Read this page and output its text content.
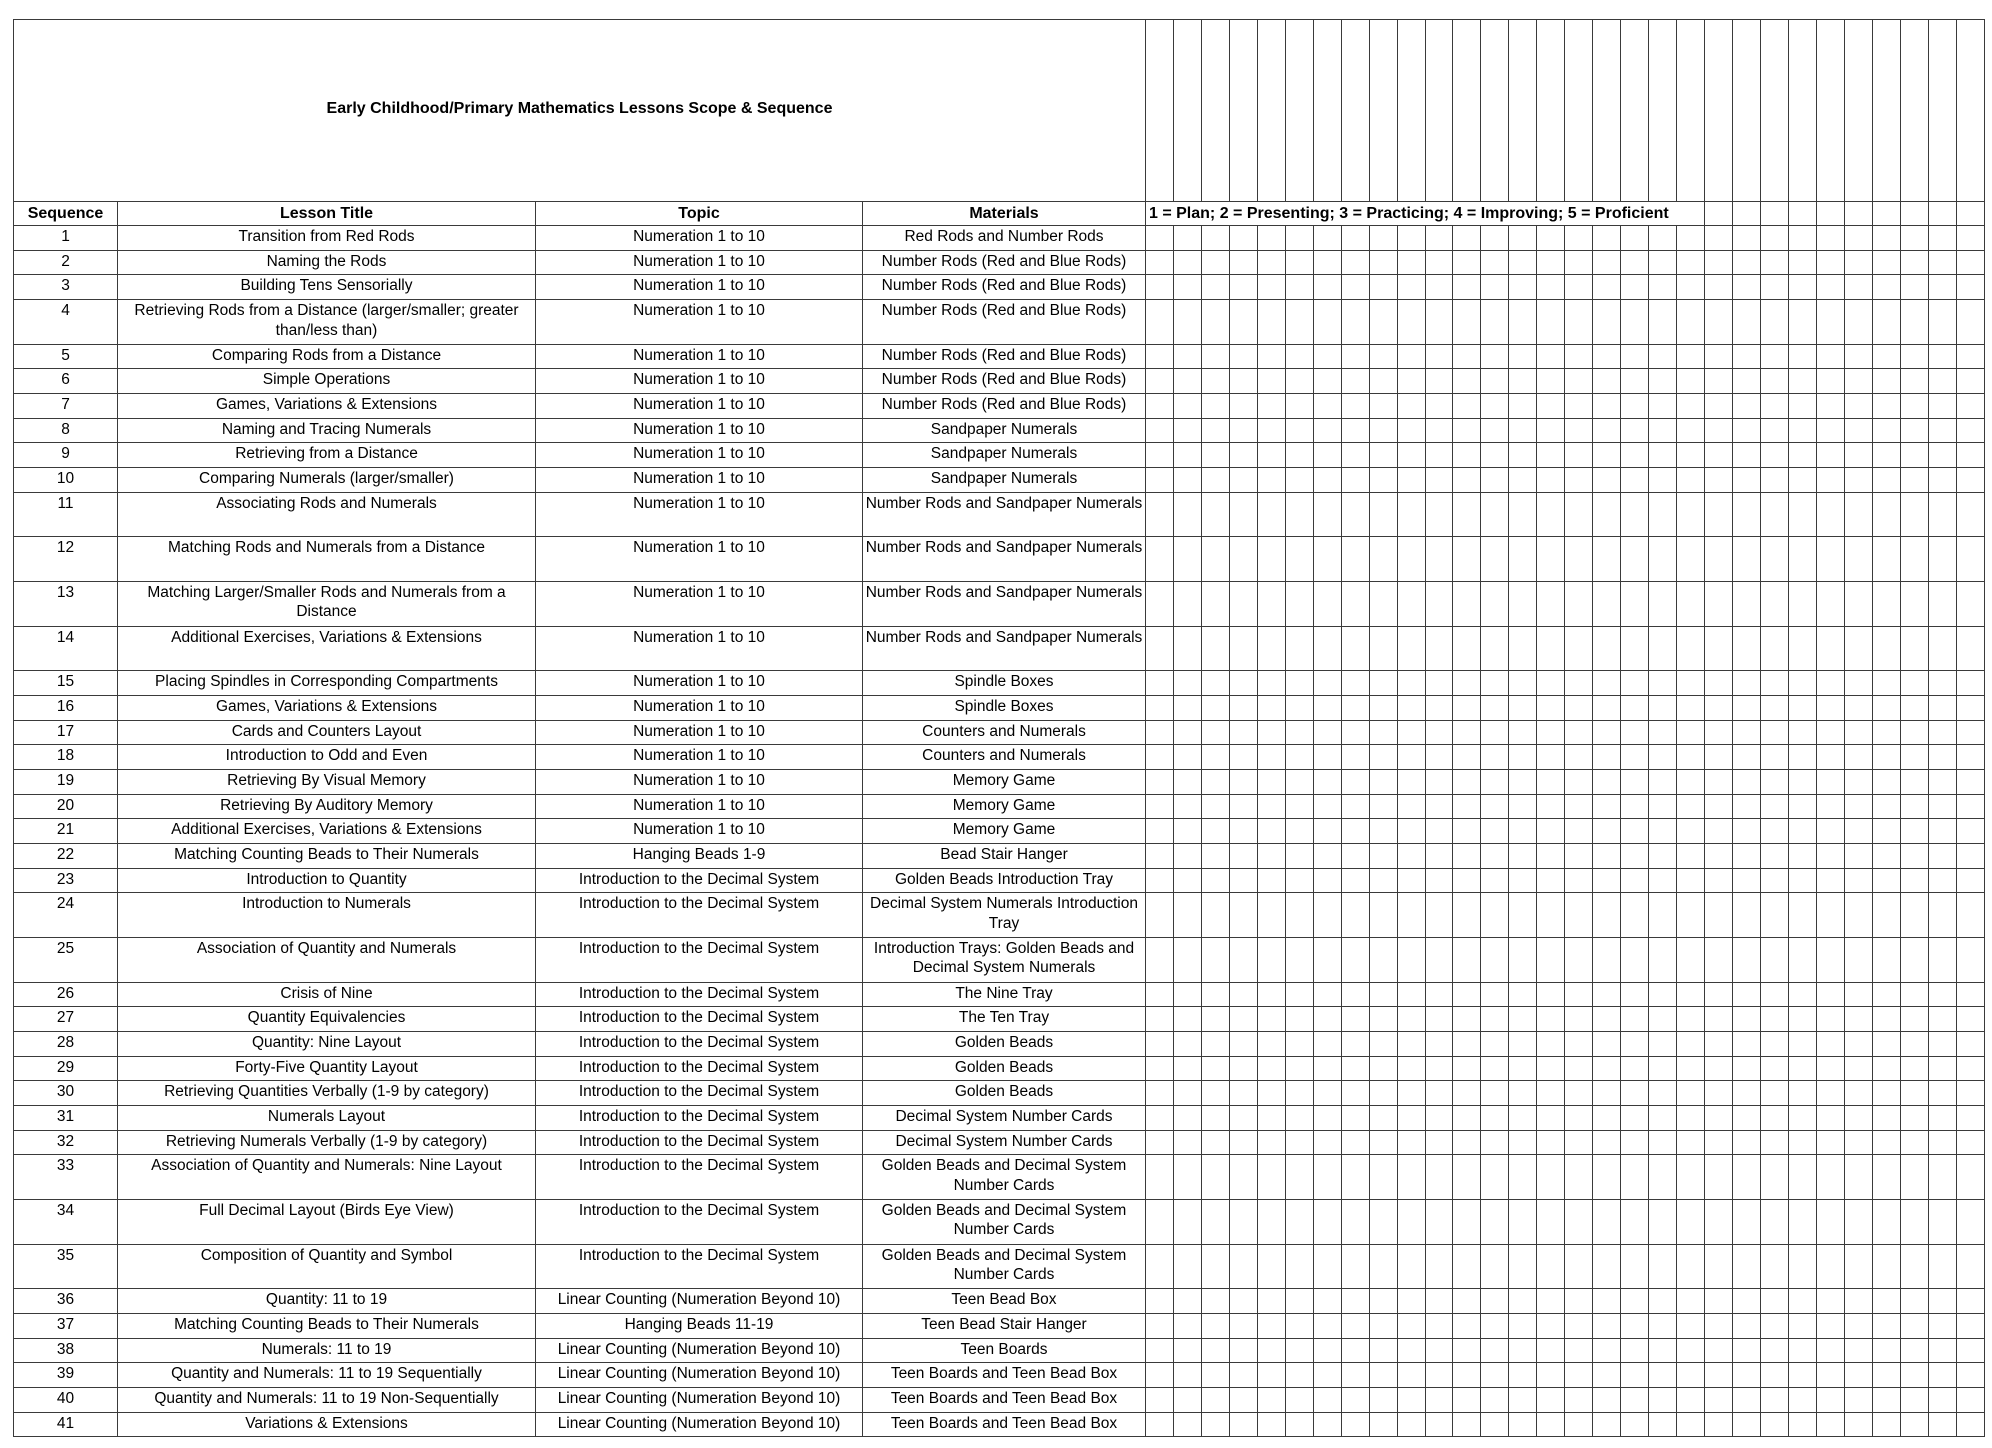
Early Childhood/Primary Mathematics Lessons Scope & Sequence																																	

Sequence	Lesson Title	Topic	Materials	1 = Plan; 2 = Presenting; 3 = Practicing; 4 = Improving; 5 = Proficient																													
1	Transition from Red Rods	Numeration 1 to 10	Red Rods and Number Rods																														
2	Naming the Rods	Numeration 1 to 10	Number Rods (Red and Blue Rods)																														
3	Building Tens Sensorially	Numeration 1 to 10	Number Rods (Red and Blue Rods)																														
4	Retrieving Rods from a Distance (larger/smaller; greater than/less than)	Numeration 1 to 10	Number Rods (Red and Blue Rods)																														
5	Comparing Rods from a Distance	Numeration 1 to 10	Number Rods (Red and Blue Rods)																														
6	Simple Operations	Numeration 1 to 10	Number Rods (Red and Blue Rods)																														
7	Games, Variations & Extensions	Numeration 1 to 10	Number Rods (Red and Blue Rods)																														
8	Naming and Tracing Numerals	Numeration 1 to 10	Sandpaper Numerals																														
9	Retrieving from a Distance	Numeration 1 to 10	Sandpaper Numerals																														
10	Comparing Numerals (larger/smaller)	Numeration 1 to 10	Sandpaper Numerals																														
11	Associating Rods and Numerals	Numeration 1 to 10	Number Rods and Sandpaper Numerals																														
12	Matching Rods and Numerals from a Distance	Numeration 1 to 10	Number Rods and Sandpaper Numerals																														
13	Matching Larger/Smaller Rods and Numerals from a Distance	Numeration 1 to 10	Number Rods and Sandpaper Numerals																														
14	Additional Exercises, Variations & Extensions	Numeration 1 to 10	Number Rods and Sandpaper Numerals																														
15	Placing Spindles in Corresponding Compartments	Numeration 1 to 10	Spindle Boxes																														
16	Games, Variations & Extensions	Numeration 1 to 10	Spindle Boxes																														
17	Cards and Counters Layout	Numeration 1 to 10	Counters and Numerals																														
18	Introduction to Odd and Even	Numeration 1 to 10	Counters and Numerals																														
19	Retrieving By Visual Memory	Numeration 1 to 10	Memory Game																														
20	Retrieving By Auditory Memory	Numeration 1 to 10	Memory Game																														
21	Additional Exercises, Variations & Extensions	Numeration 1 to 10	Memory Game																														
22	Matching Counting Beads to Their Numerals	Hanging Beads 1-9	Bead Stair Hanger																														
23	Introduction to Quantity	Introduction to the Decimal System	Golden Beads Introduction Tray																														
24	Introduction to Numerals	Introduction to the Decimal System	Decimal System Numerals Introduction Tray																														
25	Association of Quantity and Numerals	Introduction to the Decimal System	Introduction Trays: Golden Beads and Decimal System Numerals																														
26	Crisis of Nine	Introduction to the Decimal System	The Nine Tray																														
27	Quantity Equivalencies	Introduction to the Decimal System	The Ten Tray																														
28	Quantity: Nine Layout	Introduction to the Decimal System	Golden Beads																														
29	Forty-Five Quantity Layout	Introduction to the Decimal System	Golden Beads																														
30	Retrieving Quantities Verbally (1-9 by category)	Introduction to the Decimal System	Golden Beads																														
31	Numerals Layout	Introduction to the Decimal System	Decimal System Number Cards																														
32	Retrieving Numerals Verbally (1-9 by category)	Introduction to the Decimal System	Decimal System Number Cards																														
33	Association of Quantity and Numerals: Nine Layout	Introduction to the Decimal System	Golden Beads and Decimal System Number Cards																														
34	Full Decimal Layout (Birds Eye View)	Introduction to the Decimal System	Golden Beads and Decimal System Number Cards																														
35	Composition of Quantity and Symbol	Introduction to the Decimal System	Golden Beads and Decimal System Number Cards																														
36	Quantity: 11 to 19	Linear Counting (Numeration Beyond 10)	Teen Bead Box																														
37	Matching Counting Beads to Their Numerals	Hanging Beads 11-19	Teen Bead Stair Hanger																														
38	Numerals: 11 to 19	Linear Counting (Numeration Beyond 10)	Teen Boards																														
39	Quantity and Numerals: 11 to 19 Sequentially	Linear Counting (Numeration Beyond 10)	Teen Boards and Teen Bead Box																														
40	Quantity and Numerals: 11 to 19 Non-Sequentially	Linear Counting (Numeration Beyond 10)	Teen Boards and Teen Bead Box																														
41	Variations & Extensions	Linear Counting (Numeration Beyond 10)	Teen Boards and Teen Bead Box																														
